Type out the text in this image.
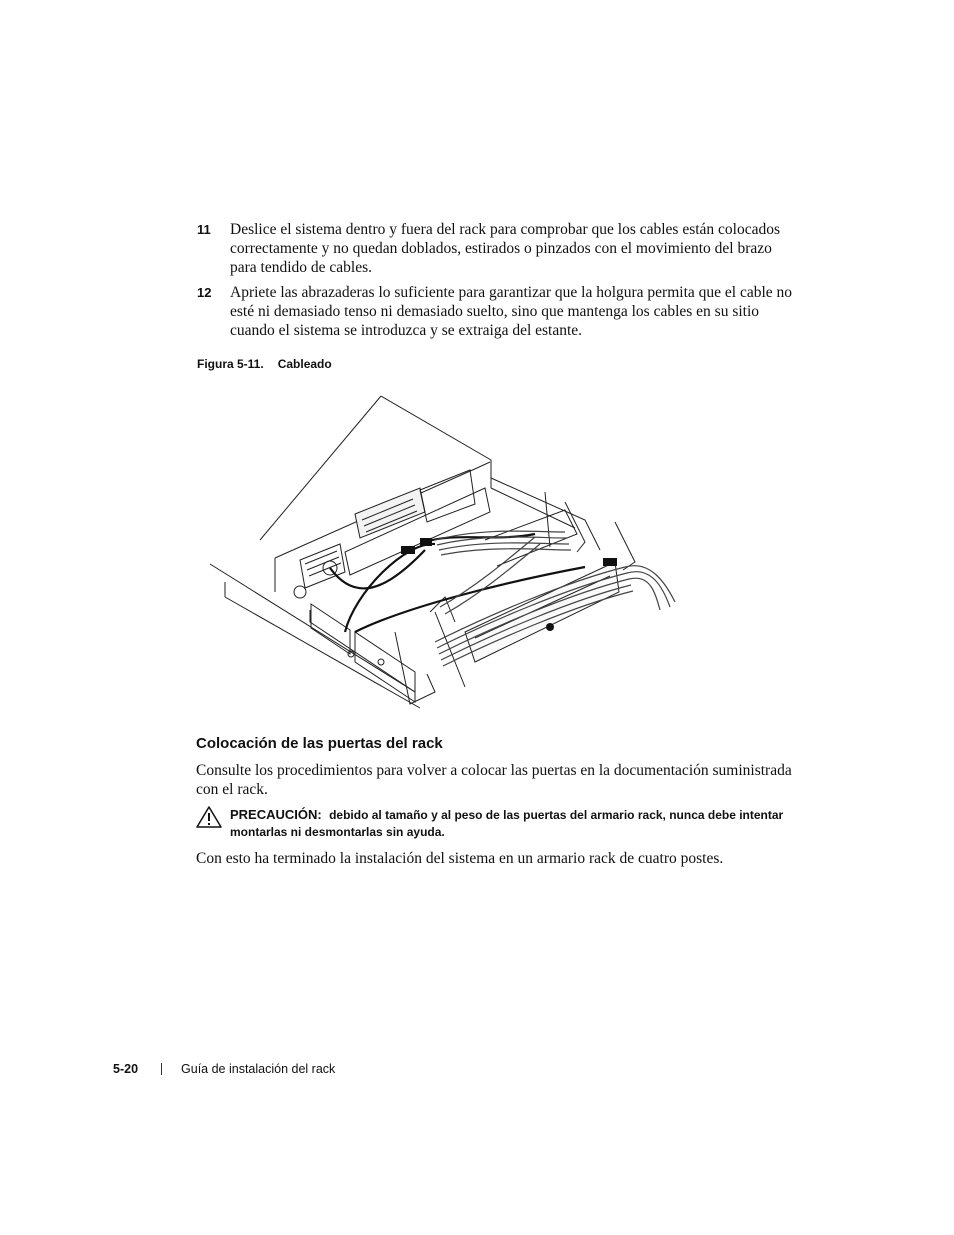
11 Deslice el sistema dentro y fuera del rack para comprobar que los cables están colocados correctamente y no quedan doblados, estirados o pinzados con el movimiento del brazo para tendido de cables.
12 Apriete las abrazaderas lo suficiente para garantizar que la holgura permita que el cable no esté ni demasiado tenso ni demasiado suelto, sino que mantenga los cables en su sitio cuando el sistema se introduzca y se extraiga del estante.
Figura 5-11. Cableado
Colocación de las puertas del rack
Consulte los procedimientos para volver a colocar las puertas en la documentación suministrada con el rack.
PRECAUCIÓN: debido al tamaño y al peso de las puertas del armario rack, nunca debe intentar montarlas ni desmontarlas sin ayuda.
Con esto ha terminado la instalación del sistema en un armario rack de cuatro postes.
5-20	Guía de instalación del rack
